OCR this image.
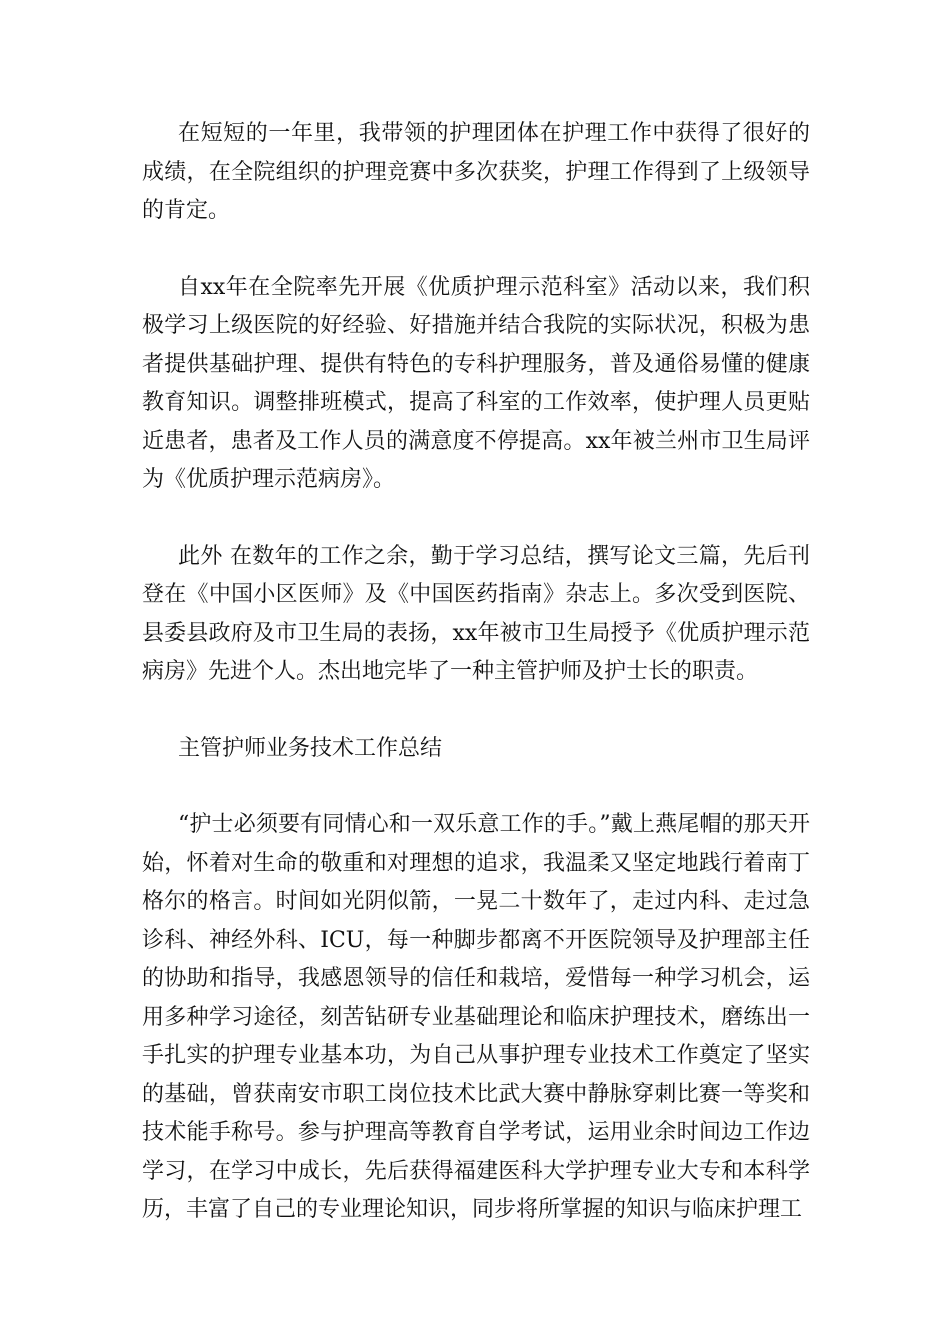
在短短的一年里，我带领的护理团体在护理工作中获得了很好的成绩，在全院组织的护理竞赛中多次获奖，护理工作得到了上级领导的肯定。

自xx年在全院率先开展《优质护理示范科室》活动以来，我们积极学习上级医院的好经验、好措施并结合我院的实际状况，积极为患者提供基础护理、提供有特色的专科护理服务，普及通俗易懂的健康教育知识。调整排班模式，提高了科室的工作效率，使护理人员更贴近患者，患者及工作人员的满意度不停提高。xx年被兰州市卫生局评为《优质护理示范病房》。

此外 在数年的工作之余，勤于学习总结，撰写论文三篇，先后刊登在《中国小区医师》及《中国医药指南》杂志上。多次受到医院、县委县政府及市卫生局的表扬，xx年被市卫生局授予《优质护理示范病房》先进个人。杰出地完毕了一种主管护师及护士长的职责。

主管护师业务技术工作总结

“护士必须要有同情心和一双乐意工作的手。”戴上燕尾帽的那天开始，怀着对生命的敬重和对理想的追求，我温柔又坚定地践行着南丁格尔的格言。时间如光阴似箭，一晃二十数年了，走过内科、走过急诊科、神经外科、ICU，每一种脚步都离不开医院领导及护理部主任的协助和指导，我感恩领导的信任和栽培，爱惜每一种学习机会，运用多种学习途径，刻苦钻研专业基础理论和临床护理技术，磨练出一手扎实的护理专业基本功，为自己从事护理专业技术工作奠定了坚实的基础，曾获南安市职工岗位技术比武大赛中静脉穿刺比赛一等奖和技术能手称号。参与护理高等教育自学考试，运用业余时间边工作边学习，在学习中成长，先后获得福建医科大学护理专业大专和本科学历，丰富了自己的专业理论知识，同步将所掌握的知识与临床护理工
